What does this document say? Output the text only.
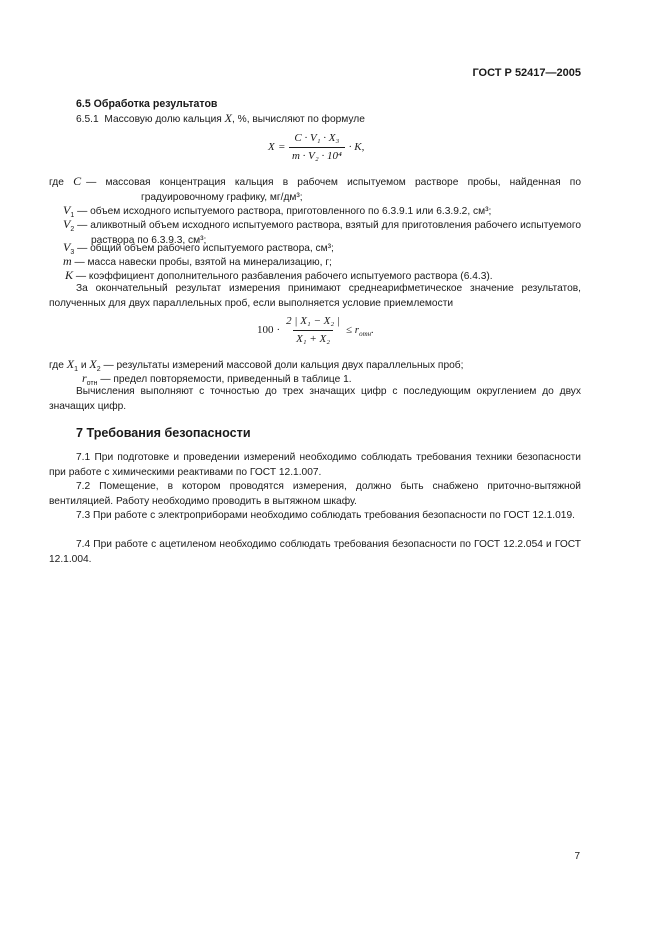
ГОСТ Р 52417—2005
6.5 Обработка результатов
6.5.1 Массовую долю кальция X, %, вычисляют по формуле
$X = \frac{\text{C · V₁ · X₃}}{\text{m · V₂ · 10⁴}} \cdot K$,
где C — массовая концентрация кальция в рабочем испытуемом растворе пробы, найденная по градуировочному графику, мг/дм³;
$V_1$ — объем исходного испытуемого раствора, приготовленного по 6.3.9.1 или 6.3.9.2, см³;
$V_2$ — аликвотный объем исходного испытуемого раствора, взятый для приготовления рабочего испытуемого раствора по 6.3.9.3, см³;
$V_3$ — общий объем рабочего испытуемого раствора, см³;
m — масса навески пробы, взятой на минерализацию, г;
K — коэффициент дополнительного разбавления рабочего испытуемого раствора (6.4.3).
За окончательный результат измерения принимают среднеарифметическое значение результатов, полученных для двух параллельных проб, если выполняется условие приемлемости
$100 \cdot \frac{\text{2 | X₁ − X₂ |}}{\text{X₁ + X₂}} \le r_{отн}$.
где $X_1$ и $X_2$ — результаты измерений массовой доли кальция двух параллельных проб;
$r_{отн}$ — предел повторяемости, приведенный в таблице 1.
Вычисления выполняют с точностью до трех значащих цифр с последующим округлением до двух значащих цифр.
7 Требования безопасности
7.1 При подготовке и проведении измерений необходимо соблюдать требования техники безопасности при работе с химическими реактивами по ГОСТ 12.1.007.
7.2 Помещение, в котором проводятся измерения, должно быть снабжено приточно-вытяжной вентиляцией. Работу необходимо проводить в вытяжном шкафу.
7.3 При работе с электроприборами необходимо соблюдать требования безопасности по ГОСТ 12.1.019.
7.4 При работе с ацетиленом необходимо соблюдать требования безопасности по ГОСТ 12.2.054 и ГОСТ 12.1.004.
7
